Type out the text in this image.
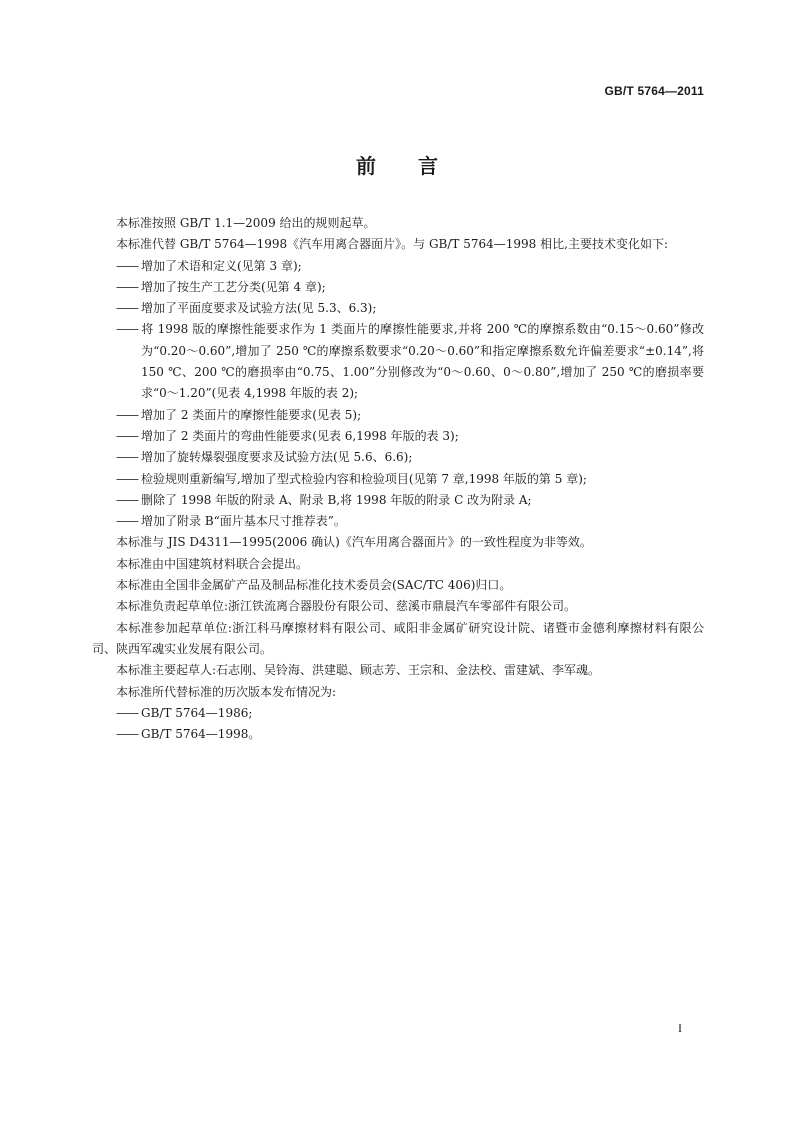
GB/T 5764—2011
前言

本标准按照 GB/T 1.1—2009 给出的规则起草。

本标准代替 GB/T 5764—1998《汽车用离合器面片》。与 GB/T 5764—1998 相比,主要技术变化如下:

—— 增加了术语和定义(见第 3 章);

—— 增加了按生产工艺分类(见第 4 章);

—— 增加了平面度要求及试验方法(见 5.3、6.3);

—— 将 1998 版的摩擦性能要求作为 1 类面片的摩擦性能要求,并将 200 ℃的摩擦系数由“0.15～0.60”修改为“0.20～0.60”,增加了 250 ℃的摩擦系数要求“0.20～0.60”和指定摩擦系数允许偏差要求“±0.14”,将 150 ℃、200 ℃的磨损率由“0.75、1.00”分别修改为“0～0.60、0～0.80”,增加了 250 ℃的磨损率要求“0～1.20”(见表 4,1998 年版的表 2);

—— 增加了 2 类面片的摩擦性能要求(见表 5);

—— 增加了 2 类面片的弯曲性能要求(见表 6,1998 年版的表 3);

—— 增加了旋转爆裂强度要求及试验方法(见 5.6、6.6);

—— 检验规则重新编写,增加了型式检验内容和检验项目(见第 7 章,1998 年版的第 5 章);

—— 删除了 1998 年版的附录 A、附录 B,将 1998 年版的附录 C 改为附录 A;

—— 增加了附录 B“面片基本尺寸推荐表”。

本标准与 JIS D4311—1995(2006 确认)《汽车用离合器面片》的一致性程度为非等效。

本标准由中国建筑材料联合会提出。

本标准由全国非金属矿产品及制品标准化技术委员会(SAC/TC 406)归口。

本标准负责起草单位:浙江铁流离合器股份有限公司、慈溪市鼎晨汽车零部件有限公司。

本标准参加起草单位:浙江科马摩擦材料有限公司、咸阳非金属矿研究设计院、诸暨市金德利摩擦材料有限公司、陕西军魂实业发展有限公司。

本标准主要起草人:石志刚、吴铃海、洪建聪、顾志芳、王宗和、金法校、雷建斌、李军魂。

本标准所代替标准的历次版本发布情况为:

—— GB/T 5764—1986;

—— GB/T 5764—1998。

I
